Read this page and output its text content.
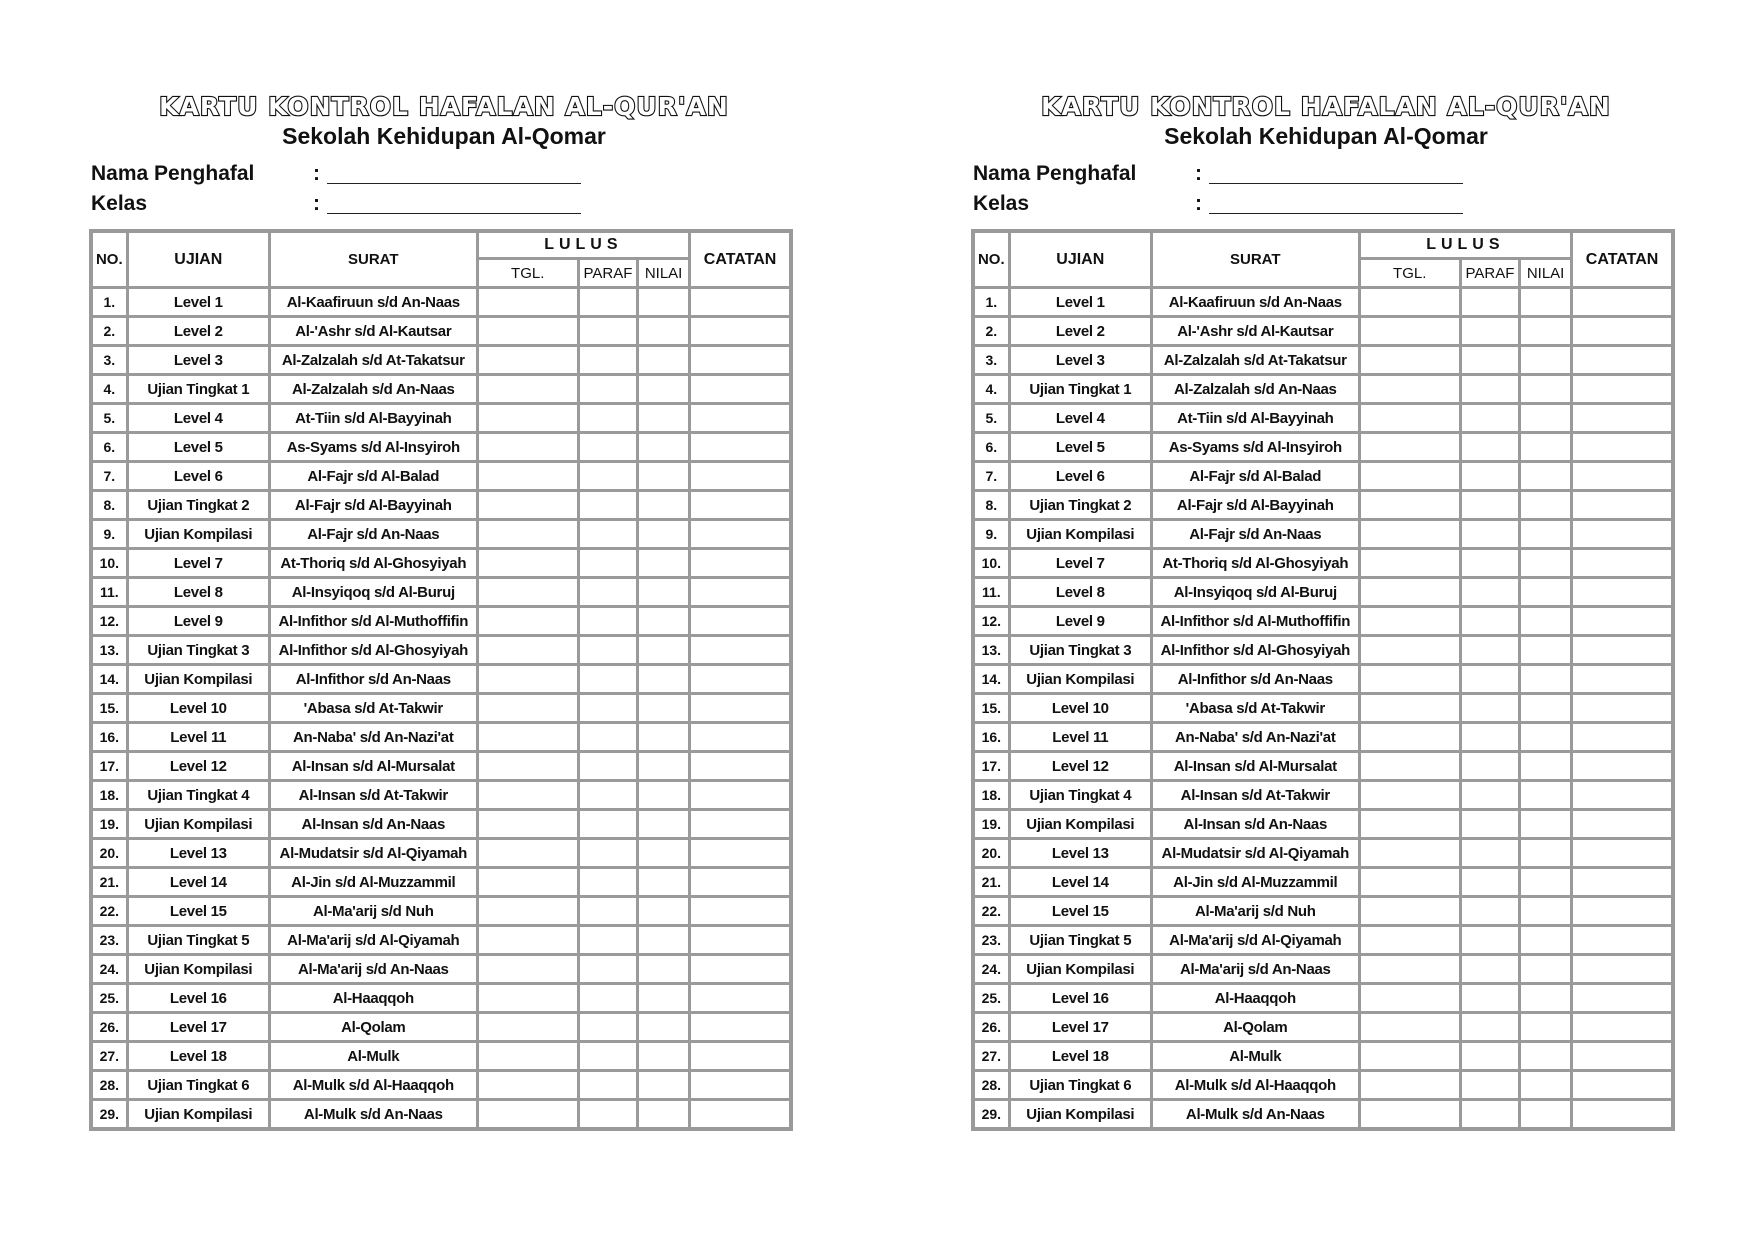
KARTU KONTROL HAFALAN AL-QUR'AN
Sekolah Kehidupan Al-Qomar
Nama Penghafal	:
Kelas	:
NO.	UJIAN	SURAT	LULUS			CATATAN
			TGL.	PARAF	NILAI	
1.	Level 1	Al-Kaafiruun s/d An-Naas				
2.	Level 2	Al-'Ashr s/d Al-Kautsar				
3.	Level 3	Al-Zalzalah s/d At-Takatsur				
4.	Ujian Tingkat 1	Al-Zalzalah s/d An-Naas				
5.	Level 4	At-Tiin s/d Al-Bayyinah				
6.	Level 5	As-Syams s/d Al-Insyiroh				
7.	Level 6	Al-Fajr s/d Al-Balad				
8.	Ujian Tingkat 2	Al-Fajr s/d Al-Bayyinah				
9.	Ujian Kompilasi	Al-Fajr s/d An-Naas				
10.	Level 7	At-Thoriq s/d Al-Ghosyiyah				
11.	Level 8	Al-Insyiqoq s/d Al-Buruj				
12.	Level 9	Al-Infithor s/d Al-Muthoffifin				
13.	Ujian Tingkat 3	Al-Infithor s/d Al-Ghosyiyah				
14.	Ujian Kompilasi	Al-Infithor s/d An-Naas				
15.	Level 10	'Abasa s/d At-Takwir				
16.	Level 11	An-Naba' s/d An-Nazi'at				
17.	Level 12	Al-Insan s/d Al-Mursalat				
18.	Ujian Tingkat 4	Al-Insan s/d At-Takwir				
19.	Ujian Kompilasi	Al-Insan s/d An-Naas				
20.	Level 13	Al-Mudatsir s/d Al-Qiyamah				
21.	Level 14	Al-Jin s/d Al-Muzzammil				
22.	Level 15	Al-Ma'arij s/d Nuh				
23.	Ujian Tingkat 5	Al-Ma'arij s/d Al-Qiyamah				
24.	Ujian Kompilasi	Al-Ma'arij s/d An-Naas				
25.	Level 16	Al-Haaqqoh				
26.	Level 17	Al-Qolam				
27.	Level 18	Al-Mulk				
28.	Ujian Tingkat 6	Al-Mulk s/d Al-Haaqqoh				
29.	Ujian Kompilasi	Al-Mulk s/d An-Naas				
KARTU KONTROL HAFALAN AL-QUR'AN
Sekolah Kehidupan Al-Qomar
Nama Penghafal	:
Kelas	:
NO.	UJIAN	SURAT	LULUS			CATATAN
			TGL.	PARAF	NILAI	
1.	Level 1	Al-Kaafiruun s/d An-Naas				
2.	Level 2	Al-'Ashr s/d Al-Kautsar				
3.	Level 3	Al-Zalzalah s/d At-Takatsur				
4.	Ujian Tingkat 1	Al-Zalzalah s/d An-Naas				
5.	Level 4	At-Tiin s/d Al-Bayyinah				
6.	Level 5	As-Syams s/d Al-Insyiroh				
7.	Level 6	Al-Fajr s/d Al-Balad				
8.	Ujian Tingkat 2	Al-Fajr s/d Al-Bayyinah				
9.	Ujian Kompilasi	Al-Fajr s/d An-Naas				
10.	Level 7	At-Thoriq s/d Al-Ghosyiyah				
11.	Level 8	Al-Insyiqoq s/d Al-Buruj				
12.	Level 9	Al-Infithor s/d Al-Muthoffifin				
13.	Ujian Tingkat 3	Al-Infithor s/d Al-Ghosyiyah				
14.	Ujian Kompilasi	Al-Infithor s/d An-Naas				
15.	Level 10	'Abasa s/d At-Takwir				
16.	Level 11	An-Naba' s/d An-Nazi'at				
17.	Level 12	Al-Insan s/d Al-Mursalat				
18.	Ujian Tingkat 4	Al-Insan s/d At-Takwir				
19.	Ujian Kompilasi	Al-Insan s/d An-Naas				
20.	Level 13	Al-Mudatsir s/d Al-Qiyamah				
21.	Level 14	Al-Jin s/d Al-Muzzammil				
22.	Level 15	Al-Ma'arij s/d Nuh				
23.	Ujian Tingkat 5	Al-Ma'arij s/d Al-Qiyamah				
24.	Ujian Kompilasi	Al-Ma'arij s/d An-Naas				
25.	Level 16	Al-Haaqqoh				
26.	Level 17	Al-Qolam				
27.	Level 18	Al-Mulk				
28.	Ujian Tingkat 6	Al-Mulk s/d Al-Haaqqoh				
29.	Ujian Kompilasi	Al-Mulk s/d An-Naas				
